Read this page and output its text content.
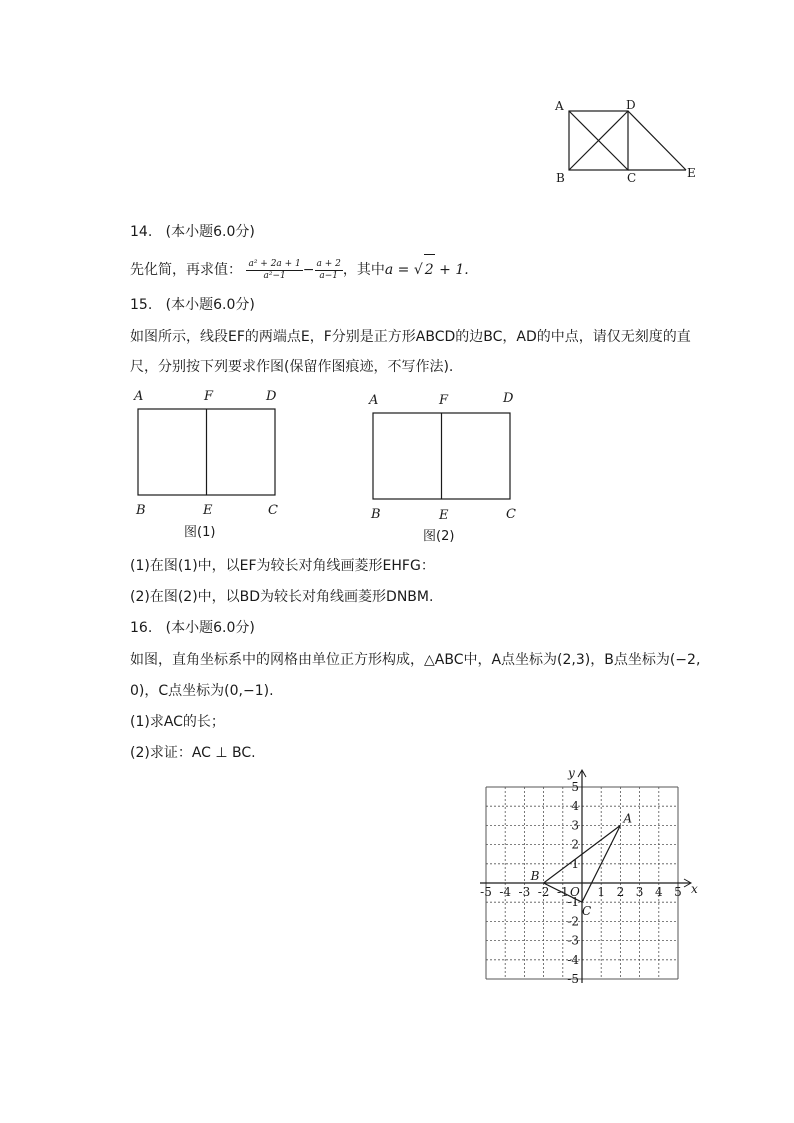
A	D
B	C	E
14. (本小题6.0分)
先化简，再求值： $\frac{\text{a² + 2a + 1}}{\text{a²−1}} - \frac{a + 2}{a-1}$ ，其中a = √ 2 + 1.
15. (本小题6.0分)
如图所示，线段EF的两端点E，F分别是正方形ABCD的边BC，AD的中点，请仅无刻度的直
尺，分别按下列要求作图(保留作图痕迹，不写作法).
A	F	D
B	E	C
图(1)
A	F	D
B	E	C
图(2)
(1)在图(1)中，以EF为较长对角线画菱形EHFG：
(2)在图(2)中，以BD为较长对角线画菱形DNBM.
16. (本小题6.0分)
如图，直角坐标系中的网格由单位正方形构成，△ABC中，A点坐标为(2,3)，B点坐标为(−2,
0)，C点坐标为(0,−1).
(1)求AC的长；
(2)求证：AC ⊥ BC.
x
y
-5 -4 -3 -2 -1 1 2 3 4 5
5
4
3
2
1
-1
-2
-3
-4
-5
O
A
B
C
